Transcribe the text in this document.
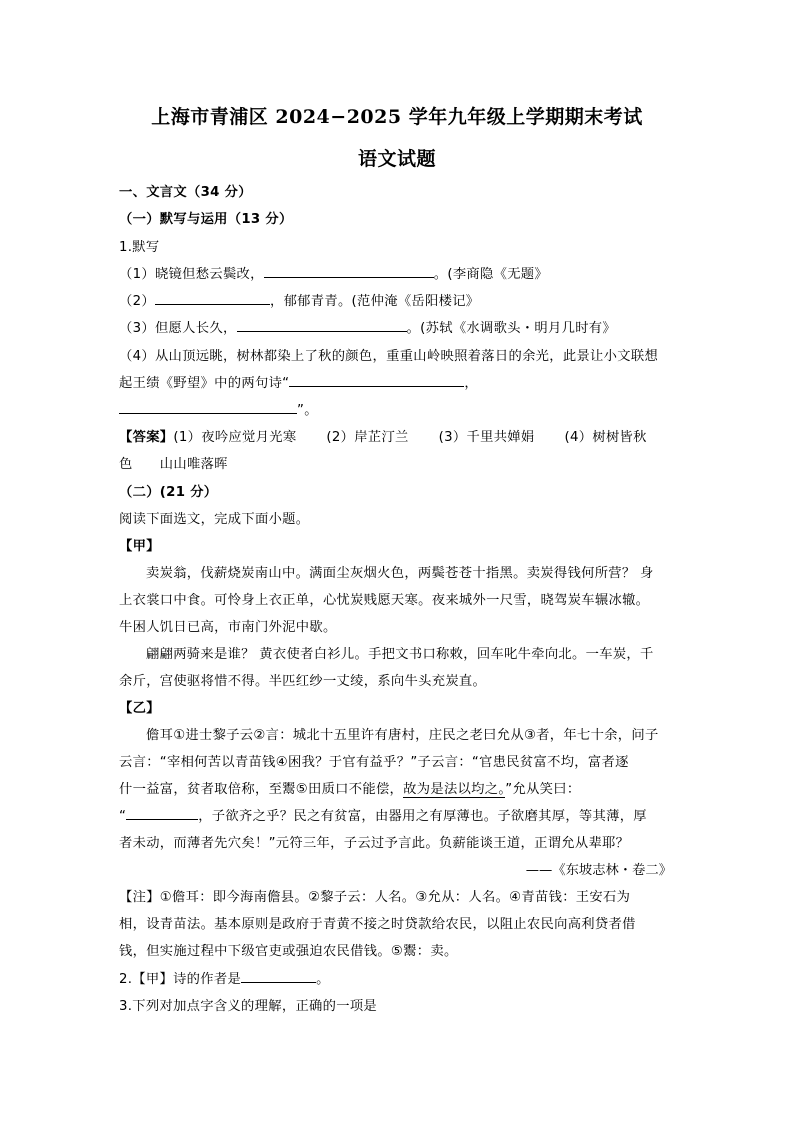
上海市青浦区 2024−2025 学年九年级上学期期末考试
语文试题
一、文言文（34 分）
（一）默写与运用（13 分）
1.默写
（1）晓镜但愁云鬓改，	。(李商隐《无题》
（2）	，郁郁青青。(范仲淹《岳阳楼记》
（3）但愿人长久，	。(苏轼《水调歌头・明月几时有》
（4）从山顶远眺，树林都染上了秋的颜色，重重山岭映照着落日的余光，此景让小文联想
起王绩《野望》中的两句诗“	，
”。
【答案】(1）夜吟应觉月光寒 (2）岸芷汀兰 (3）千里共婵娟 (4）树树皆秋
色　　山山唯落晖
（二）(21 分）
阅读下面选文，完成下面小题。
【甲】
卖炭翁，伐薪烧炭南山中。满面尘灰烟火色，两鬓苍苍十指黑。卖炭得钱何所营？ 身
上衣裳口中食。可怜身上衣正单，心忧炭贱愿天寒。夜来城外一尺雪，晓驾炭车辗冰辙。
牛困人饥日已高，市南门外泥中歇。
翩翩两骑来是谁？ 黄衣使者白衫儿。手把文书口称敕，回车叱牛牵向北。一车炭，千
余斤，宫使驱将惜不得。半匹红纱一丈绫，系向牛头充炭直。
【乙】
儋耳①进士黎子云②言：城北十五里许有唐村，庄民之老曰允从③者，年七十余，问子
云言：“宰相何苦以青苗钱④困我？于官有益乎？”子云言：“官患民贫富不均，富者逐
什一益富，贫者取倍称，至鬻⑤田质口不能偿，故为是法以均之。”允从笑曰：
“	，子欲齐之乎？民之有贫富，由器用之有厚薄也。子欲磨其厚，等其薄，厚
者未动，而薄者先穴矣！”元符三年，子云过予言此。负薪能谈王道，正谓允从辈耶？
——《东坡志林・卷二》
【注】①儋耳：即今海南儋县。②黎子云：人名。③允从：人名。④青苗钱：王安石为
相，设青苗法。基本原则是政府于青黄不接之时贷款给农民，以阻止农民向高利贷者借
钱，但实施过程中下级官吏或强迫农民借钱。⑤鬻：卖。
2.【甲】诗的作者是	。
3.下列对加点字含义的理解，正确的一项是
